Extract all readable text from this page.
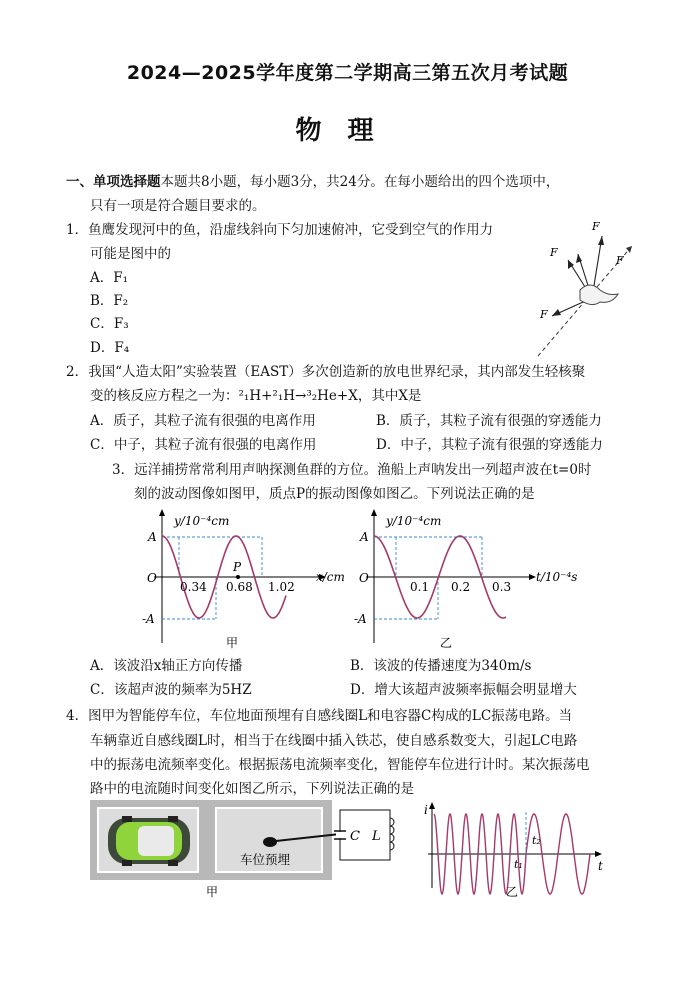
2024—2025学年度第二学期高三第五次月考试题
物理
一、单项选择题本题共8小题，每小题3分，共24分。在每小题给出的四个选项中，
只有一项是符合题目要求的。
1．鱼鹰发现河中的鱼，沿虚线斜向下匀加速俯冲，它受到空气的作用力
可能是图中的
A．F₁
B．F₂
C．F₃
D．F₄
F
F
F
F
2．我国“人造太阳”实验装置（EAST）多次创造新的放电世界纪录，其内部发生轻核聚
变的核反应方程之一为：²₁H+²₁H→³₂He+X，其中X是
A．质子，其粒子流有很强的电离作用	B．质子，其粒子流有很强的穿透能力
C．中子，其粒子流有很强的电离作用	D．中子，其粒子流有很强的穿透能力
3．远洋捕捞常常利用声呐探测鱼群的方位。渔船上声呐发出一列超声波在t=0时
刻的波动图像如图甲，质点P的振动图像如图乙。下列说法正确的是
y/10⁻⁴cm
A
-A
O
0.34 0.68 1.02
P
x/cm
甲
y/10⁻⁴cm
A
-A
O
0.1 0.2 0.3
t/10⁻⁴s
乙
A．该波沿x轴正方向传播	B．该波的传播速度为340m/s
C．该超声波的频率为5HZ	D．增大该超声波频率振幅会明显增大
4．图甲为智能停车位，车位地面预埋有自感线圈L和电容器C构成的LC振荡电路。当
车辆靠近自感线圈L时，相当于在线圈中插入铁芯，使自感系数变大，引起LC电路
中的振荡电流频率变化。根据振荡电流频率变化，智能停车位进行计时。某次振荡电
路中的电流随时间变化如图乙所示，下列说法正确的是
车位预埋
C L
甲
i
t
t₁
t₂
乙
